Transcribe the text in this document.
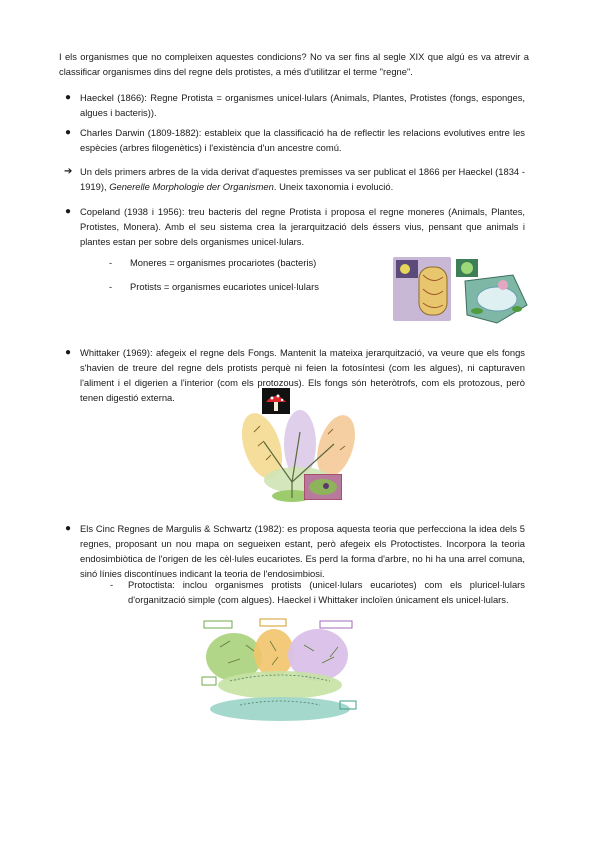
I els organismes que no compleixen aquestes condicions? No va ser fins al segle XIX que algú es va atrevir a classificar organismes dins del regne dels protistes, a més d'utilitzar el terme "regne".

● Haeckel (1866): Regne Protista = organismes unicel·lulars (Animals, Plantes, Protistes (fongs, esponges, algues i bacteris)).
● Charles Darwin (1809-1882): estableix que la classificació ha de reflectir les relacions evolutives entre les espècies (arbres filogenètics) i l'existència d'un ancestre comú.
➔ Un dels primers arbres de la vida derivat d'aquestes premisses va ser publicat el 1866 per Haeckel (1834 - 1919), Generelle Morphologie der Organismen. Uneix taxonomia i evolució.
● Copeland (1938 i 1956): treu bacteris del regne Protista i proposa el regne moneres (Animals, Plantes, Protistes, Monera). Amb el seu sistema crea la jerarquització dels éssers vius, pensant que animals i plantes estan per sobre dels organismes unicel·lulars.
- Moneres = organismes procariotes (bacteris)
- Protists = organismes eucariotes unicel·lulars
● Whittaker (1969): afegeix el regne dels Fongs. Mantenit la mateixa jerarquització, va veure que els fongs s'havien de treure del regne dels protists perquè ni feien la fotosíntesi (com les algues), ni capturaven l'aliment i el digerien a l'interior (com els protozous). Els fongs són heteròtrofs, com els protozous, però tenen digestió externa.
● Els Cinc Regnes de Margulis & Schwartz (1982): es proposa aquesta teoria que perfecciona la idea dels 5 regnes, proposant un nou mapa on segueixen estant, però afegeix els Protoctistes. Incorpora la teoria endosimbiòtica de l'origen de les cèl·lules eucariotes. Es perd la forma d'arbre, no hi ha una arrel comuna, sinó línies discontínues indicant la teoria de l'endosimbiosi.
- Protoctista: inclou organismes protists (unicel·lulars eucariotes) com els pluricel·lulars d'organització simple (com algues). Haeckel i Whittaker incloïen únicament els unicel·lulars.
